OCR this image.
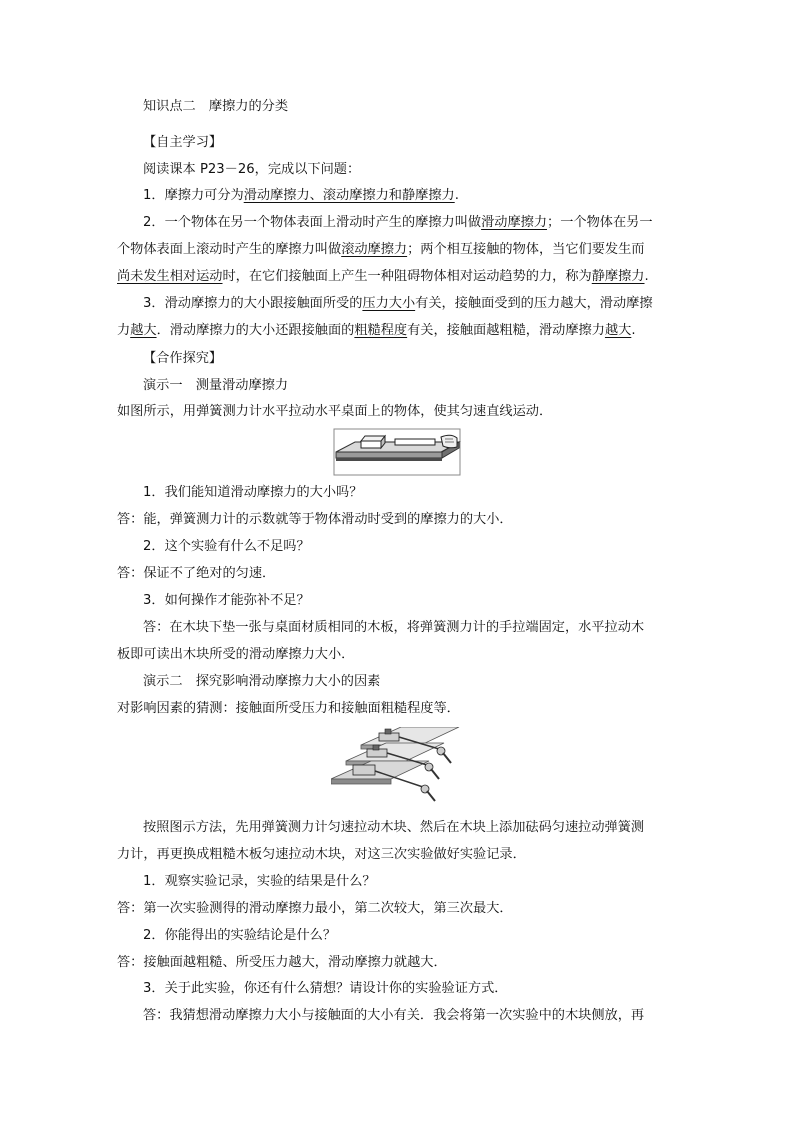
知识点二　摩擦力的分类
【自主学习】
阅读课本 P23－26，完成以下问题：
1．摩擦力可分为滑动摩擦力、滚动摩擦力和静摩擦力.
2．一个物体在另一个物体表面上滑动时产生的摩擦力叫做滑动摩擦力；一个物体在另一
个物体表面上滚动时产生的摩擦力叫做滚动摩擦力；两个相互接触的物体，当它们要发生而
尚未发生相对运动时，在它们接触面上产生一种阻碍物体相对运动趋势的力，称为静摩擦力.
3．滑动摩擦力的大小跟接触面所受的压力大小有关，接触面受到的压力越大，滑动摩擦
力越大．滑动摩擦力的大小还跟接触面的粗糙程度有关，接触面越粗糙，滑动摩擦力越大.
【合作探究】
演示一　测量滑动摩擦力
如图所示，用弹簧测力计水平拉动水平桌面上的物体，使其匀速直线运动．
1．我们能知道滑动摩擦力的大小吗？
答：能，弹簧测力计的示数就等于物体滑动时受到的摩擦力的大小．
2．这个实验有什么不足吗？
答：保证不了绝对的匀速．
3．如何操作才能弥补不足？
答：在木块下垫一张与桌面材质相同的木板，将弹簧测力计的手拉端固定，水平拉动木
板即可读出木块所受的滑动摩擦力大小．
演示二　探究影响滑动摩擦力大小的因素
对影响因素的猜测：接触面所受压力和接触面粗糙程度等．
按照图示方法，先用弹簧测力计匀速拉动木块、然后在木块上添加砝码匀速拉动弹簧测
力计，再更换成粗糙木板匀速拉动木块，对这三次实验做好实验记录．
1．观察实验记录，实验的结果是什么？
答：第一次实验测得的滑动摩擦力最小，第二次较大，第三次最大．
2．你能得出的实验结论是什么？
答：接触面越粗糙、所受压力越大，滑动摩擦力就越大．
3．关于此实验，你还有什么猜想？请设计你的实验验证方式．
答：我猜想滑动摩擦力大小与接触面的大小有关．我会将第一次实验中的木块侧放，再
